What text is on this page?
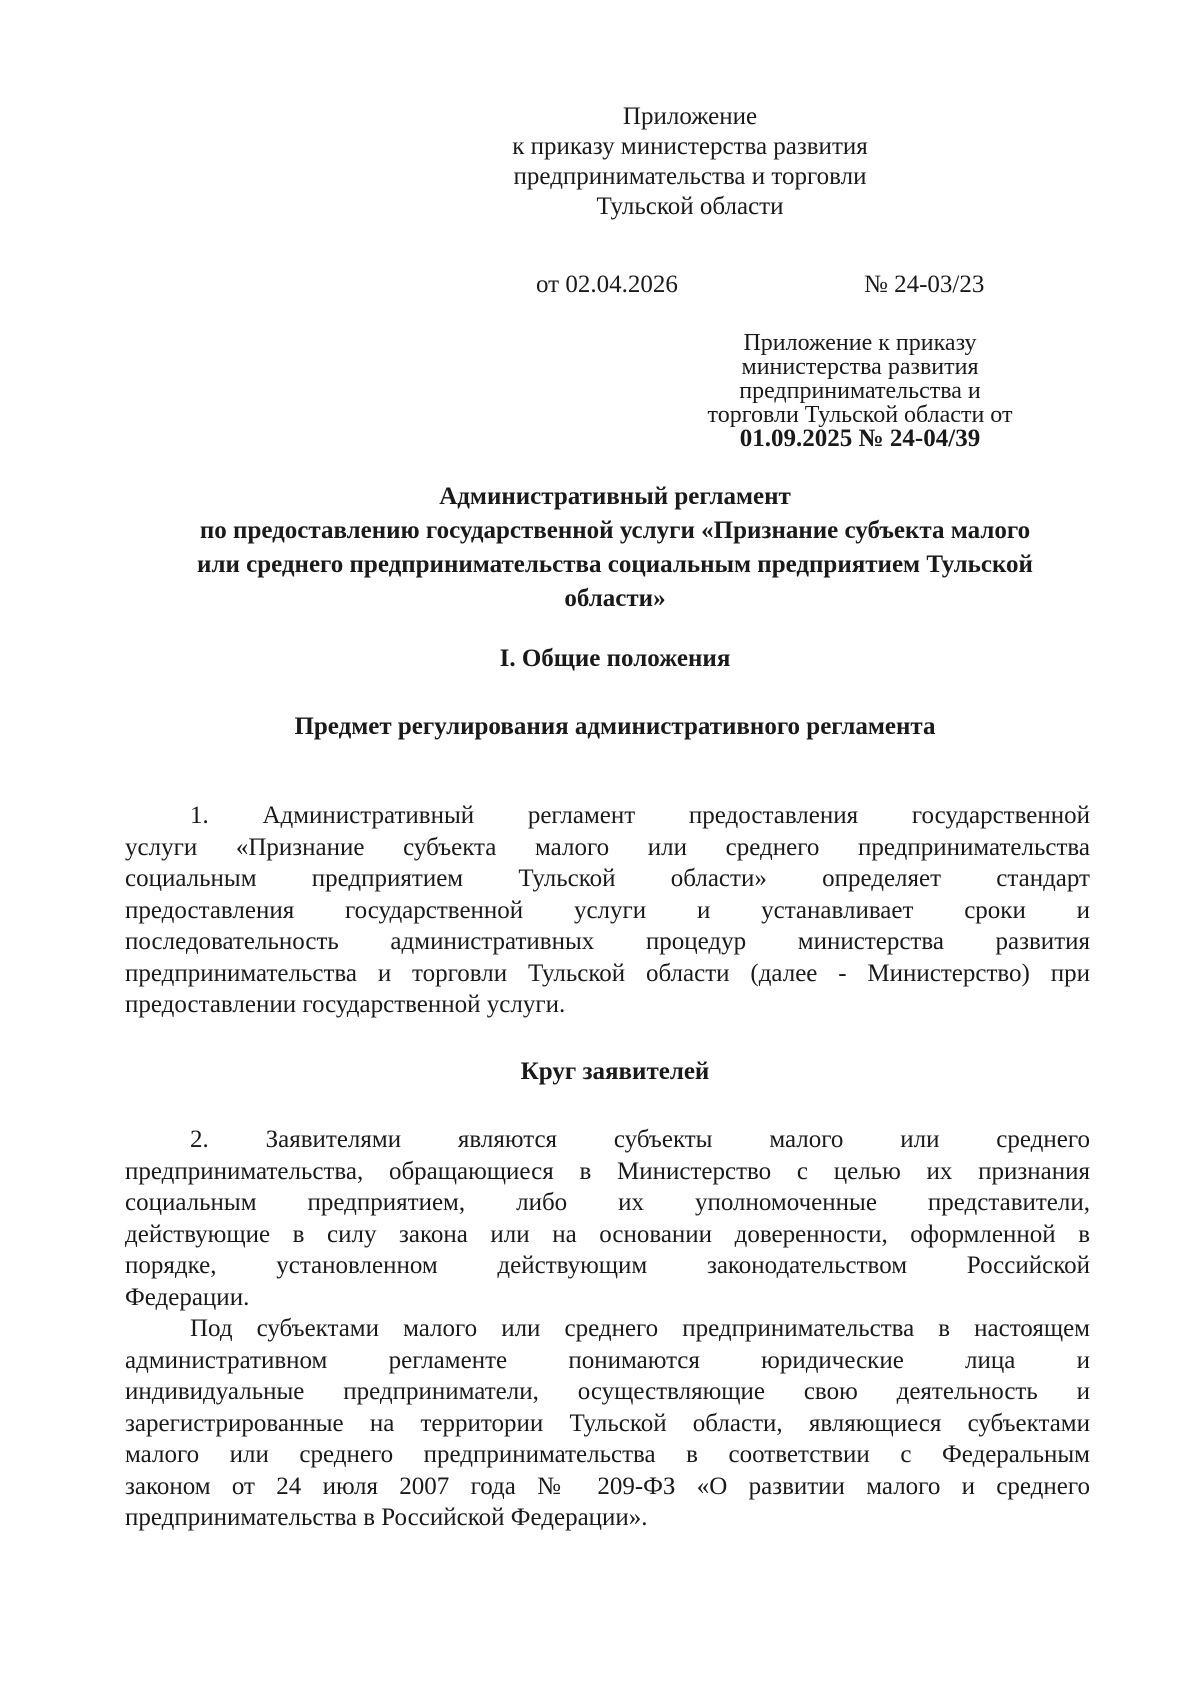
Приложение
к приказу министерства развития
предпринимательства и торговли
Тульской области
от 02.04.2026	№ 24-03/23
Приложение к приказу
министерства развития
предпринимательства и
торговли Тульской области от
01.09.2025 № 24-04/39
Административный регламент
по предоставлению государственной услуги «Признание субъекта малого
или среднего предпринимательства социальным предприятием Тульской
области»
I. Общие положения
Предмет регулирования административного регламента
1. Административный регламент предоставления государственной
услуги «Признание субъекта малого или среднего предпринимательства
социальным предприятием Тульской области» определяет стандарт
предоставления государственной услуги и устанавливает сроки и
последовательность административных процедур министерства развития
предпринимательства и торговли Тульской области (далее - Министерство) при
предоставлении государственной услуги.
Круг заявителей
2. Заявителями являются субъекты малого или среднего
предпринимательства, обращающиеся в Министерство с целью их признания
социальным предприятием, либо их уполномоченные представители,
действующие в силу закона или на основании доверенности, оформленной в
порядке, установленном действующим законодательством Российской
Федерации.
Под субъектами малого или среднего предпринимательства в настоящем
административном регламенте понимаются юридические лица и
индивидуальные предприниматели, осуществляющие свою деятельность и
зарегистрированные на территории Тульской области, являющиеся субъектами
малого или среднего предпринимательства в соответствии с Федеральным
законом от 24 июля 2007 года № 209-ФЗ «О развитии малого и среднего
предпринимательства в Российской Федерации».
